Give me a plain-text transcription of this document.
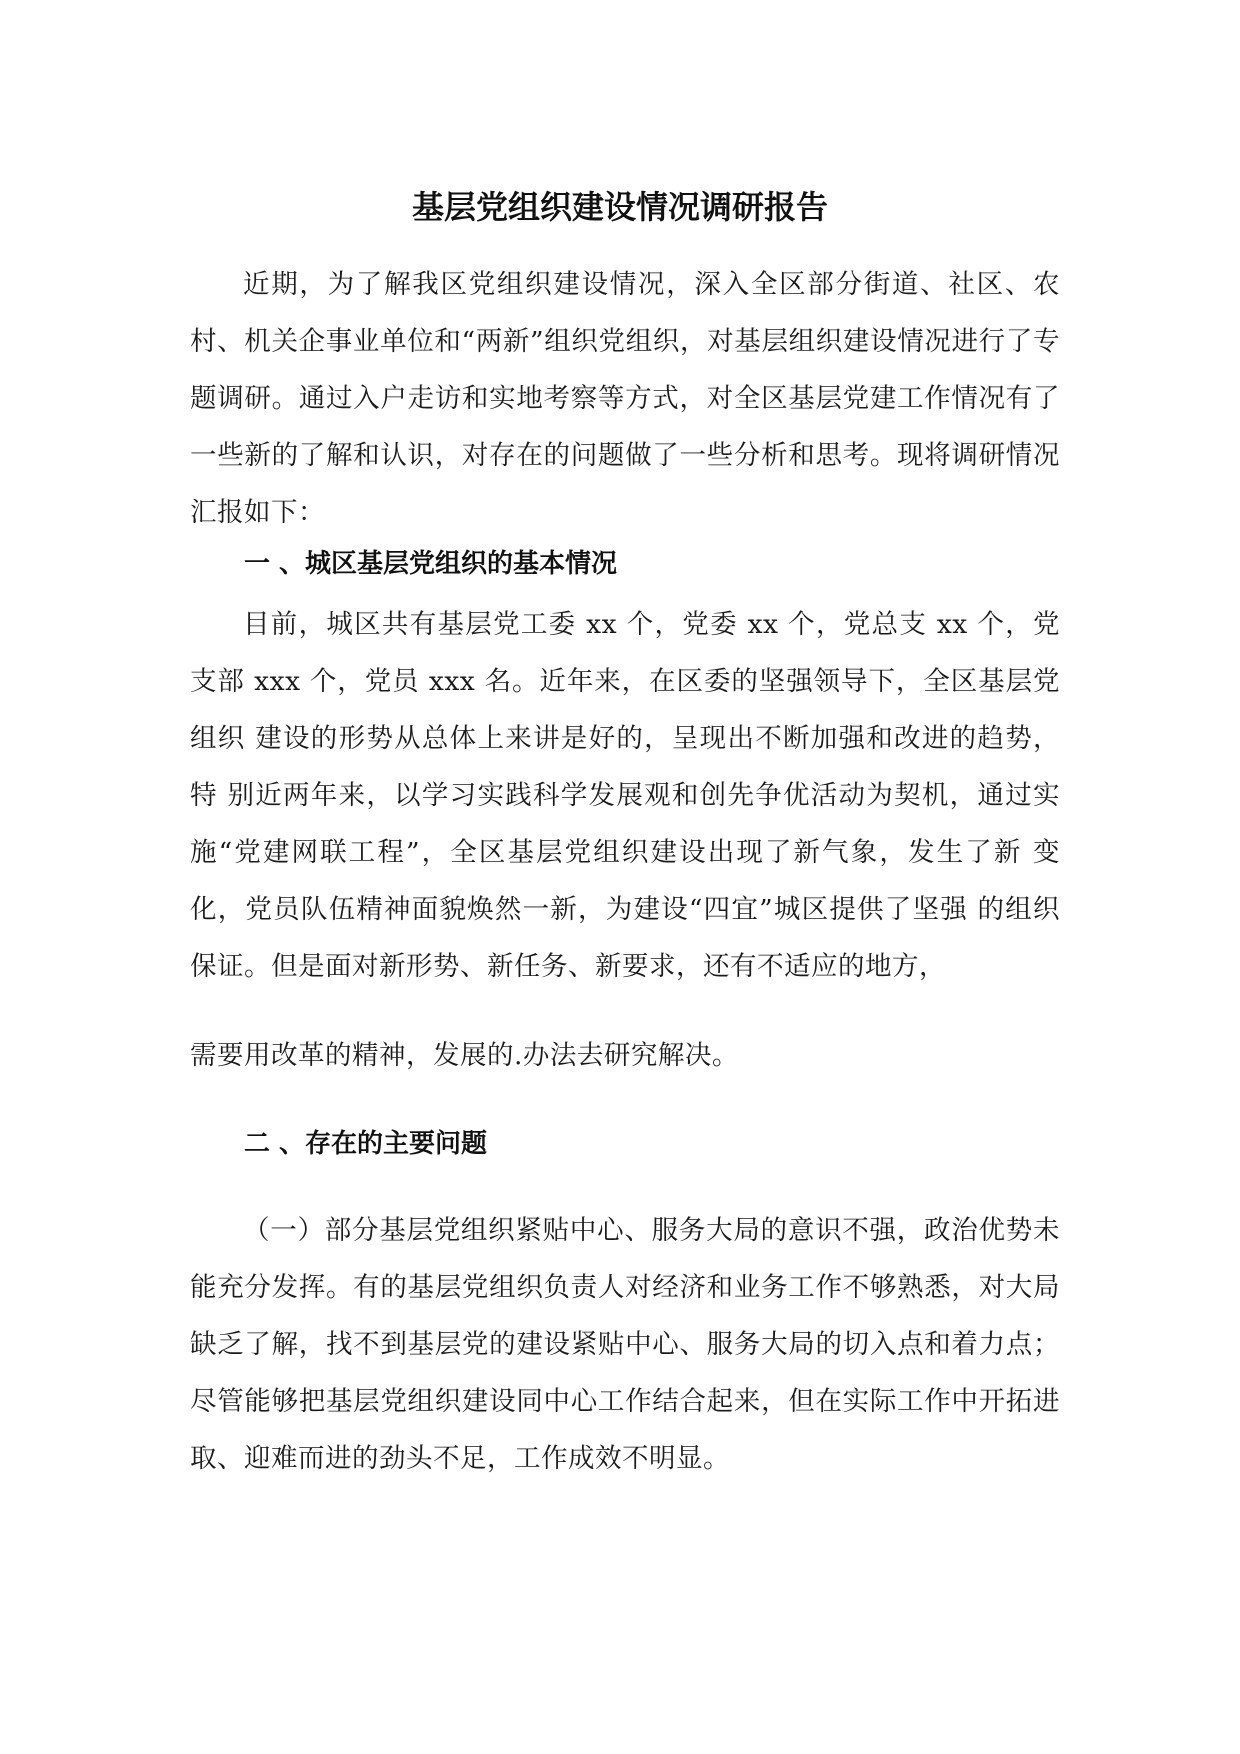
基层党组织建设情况调研报告

近期，为了解我区党组织建设情况，深入全区部分街道、社区、农村、机关企事业单位和“两新”组织党组织，对基层组织建设情况进行了专题调研。通过入户走访和实地考察等方式，对全区基层党建工作情况有了一些新的了解和认识，对存在的问题做了一些分析和思考。现将调研情况汇报如下：

一 、城区基层党组织的基本情况

目前，城区共有基层党工委 xx 个，党委 xx 个，党总支 xx 个，党支部 xxx 个，党员 xxx 名。近年来，在区委的坚强领导下，全区基层党组织 建设的形势从总体上来讲是好的，呈现出不断加强和改进的趋势，特 别近两年来，以学习实践科学发展观和创先争优活动为契机，通过实 施“党建网联工程”，全区基层党组织建设出现了新气象，发生了新 变化，党员队伍精神面貌焕然一新，为建设“四宜”城区提供了坚强 的组织保证。但是面对新形势、新任务、新要求，还有不适应的地方，

需要用改革的精神，发展的.办法去研究解决。

二 、存在的主要问题

（一）部分基层党组织紧贴中心、服务大局的意识不强，政治优势未能充分发挥。有的基层党组织负责人对经济和业务工作不够熟悉，对大局缺乏了解，找不到基层党的建设紧贴中心、服务大局的切入点和着力点；尽管能够把基层党组织建设同中心工作结合起来，但在实际工作中开拓进取、迎难而进的劲头不足，工作成效不明显。
